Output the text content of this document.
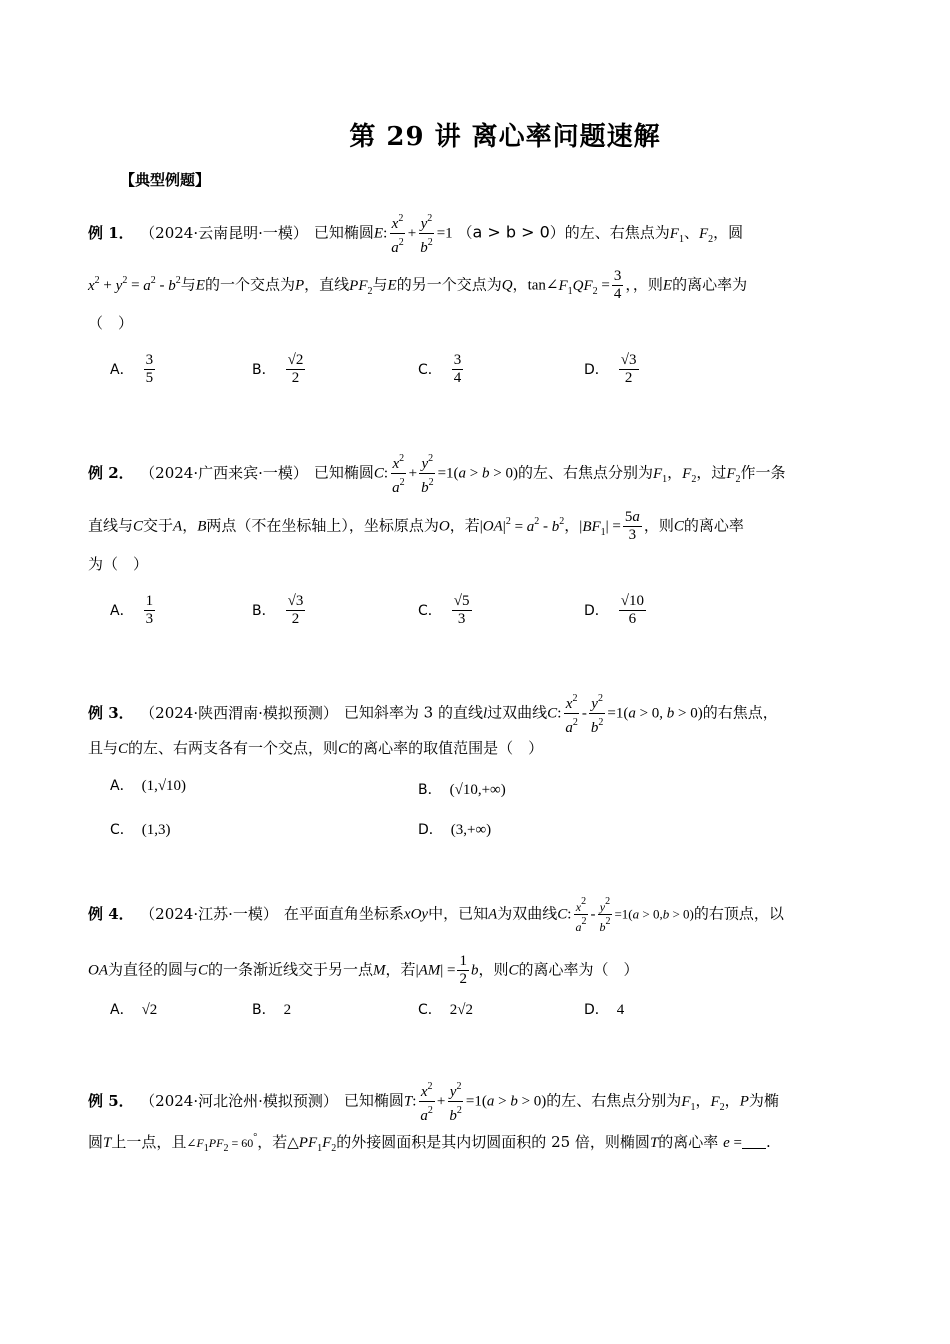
第 29 讲 离心率问题速解
【典型例题】
例 1． （2024·云南昆明·一模） 已知椭圆E: $\frac{x^2}{a^2} + \frac{y^2}{b^2} =1$ （a > b > 0）的左、右焦点为$F_1$、$F_2$，圆
$x^2 + y^2 = a^2 - b^2$与E的一个交点为P，直线$PF_2$与E的另一个交点为Q，$\tan\angle F_1QF_2 = \frac{3}{4}$ ，，则E的离心率为
（　）
A． $\frac{3}{5}$	B． $\frac{√2}{2}$	C． $\frac{3}{4}$	D． $\frac{√3}{2}$
例 2． （2024·广西来宾·一模） 已知椭圆C: $\frac{x^2}{a^2} + \frac{y^2}{b^2} =1(a > b > 0)$的左、右焦点分别为$F_1$，$F_2$，过$F_2$作一条
直线与C交于A，B两点（不在坐标轴上），坐标原点为O，若$|OA|^2 = a^2 - b^2$，$|BF_1| = \frac{5a}{3}$ ，则C的离心率
为（　）
A． $\frac{1}{3}$	B． $\frac{√3}{2}$	C． $\frac{√5}{3}$	D． $\frac{√10}{6}$
例 3． （2024·陕西渭南·模拟预测） 已知斜率为 3 的直线l过双曲线C: $\frac{x^2}{a^2} - \frac{y^2}{b^2} =1(a > 0$, b > 0)的右焦点，
且与C的左、右两支各有一个交点，则C的离心率的取值范围是（　）
A． (1,√10)	B． (√10,+∞)
C． (1,3)	D． (3,+∞)
例 4． （2024·江苏·一模） 在平面直角坐标系xOy中，已知A为双曲线C: $\frac{x^2}{a^2} - \frac{y^2}{b^2} =1(a > 0,b > 0)$的右顶点，以
OA为直径的圆与C的一条渐近线交于另一点M，若$|AM| = \frac{1}{2}$ b，则C的离心率为（　）
A． √2	B． 2	C． 2√2	D． 4
例 5． （2024·河北沧州·模拟预测） 已知椭圆T: $\frac{x^2}{a^2} + \frac{y^2}{b^2} =1(a > b > 0)$的左、右焦点分别为$F_1$，$F_2$，P为椭
圆T上一点，且$\angle F_1PF_2 = 60^\circ$，若$\triangle PF_1F_2$的外接圆面积是其内切圆面积的 25 倍，则椭圆T的离心率 e = .
